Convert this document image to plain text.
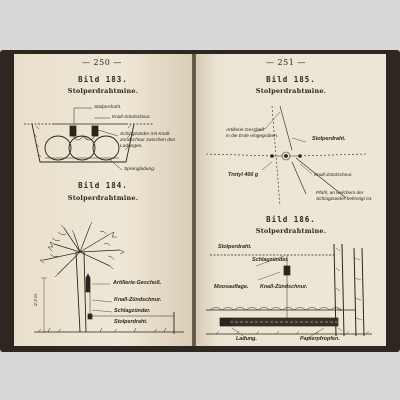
— 250 —
Bild 183.
Stolperdrahtmine.
Stolperdraht.
Knall-Zündschnur.
Schlagzünder mit Knall-
zündschnur zwischen den
Ladungen.
Sprengladung.
Bild 184.
Stolperdrahtmine.
Artillerie-Geschoß.
Knall-Zündschnur.
Schlagzünder.
Stolperdraht.
2,3 m
— 251 —
Bild 185.
Stolperdrahtmine.
Artillerie-Geschoß
in die Erde eingegraben.	Stolperdraht.
Trotyl 400 g	Knall-Zündschnur.
Pfahl, an welchem der
Schlagzünder befestigt ist.
Bild 186.
Stolperdrahtmine.
Stolperdraht.
Schlagzünder.
Moosauflage. Knall-Zündschnur.
Ladung.	Papierpfropfen.
